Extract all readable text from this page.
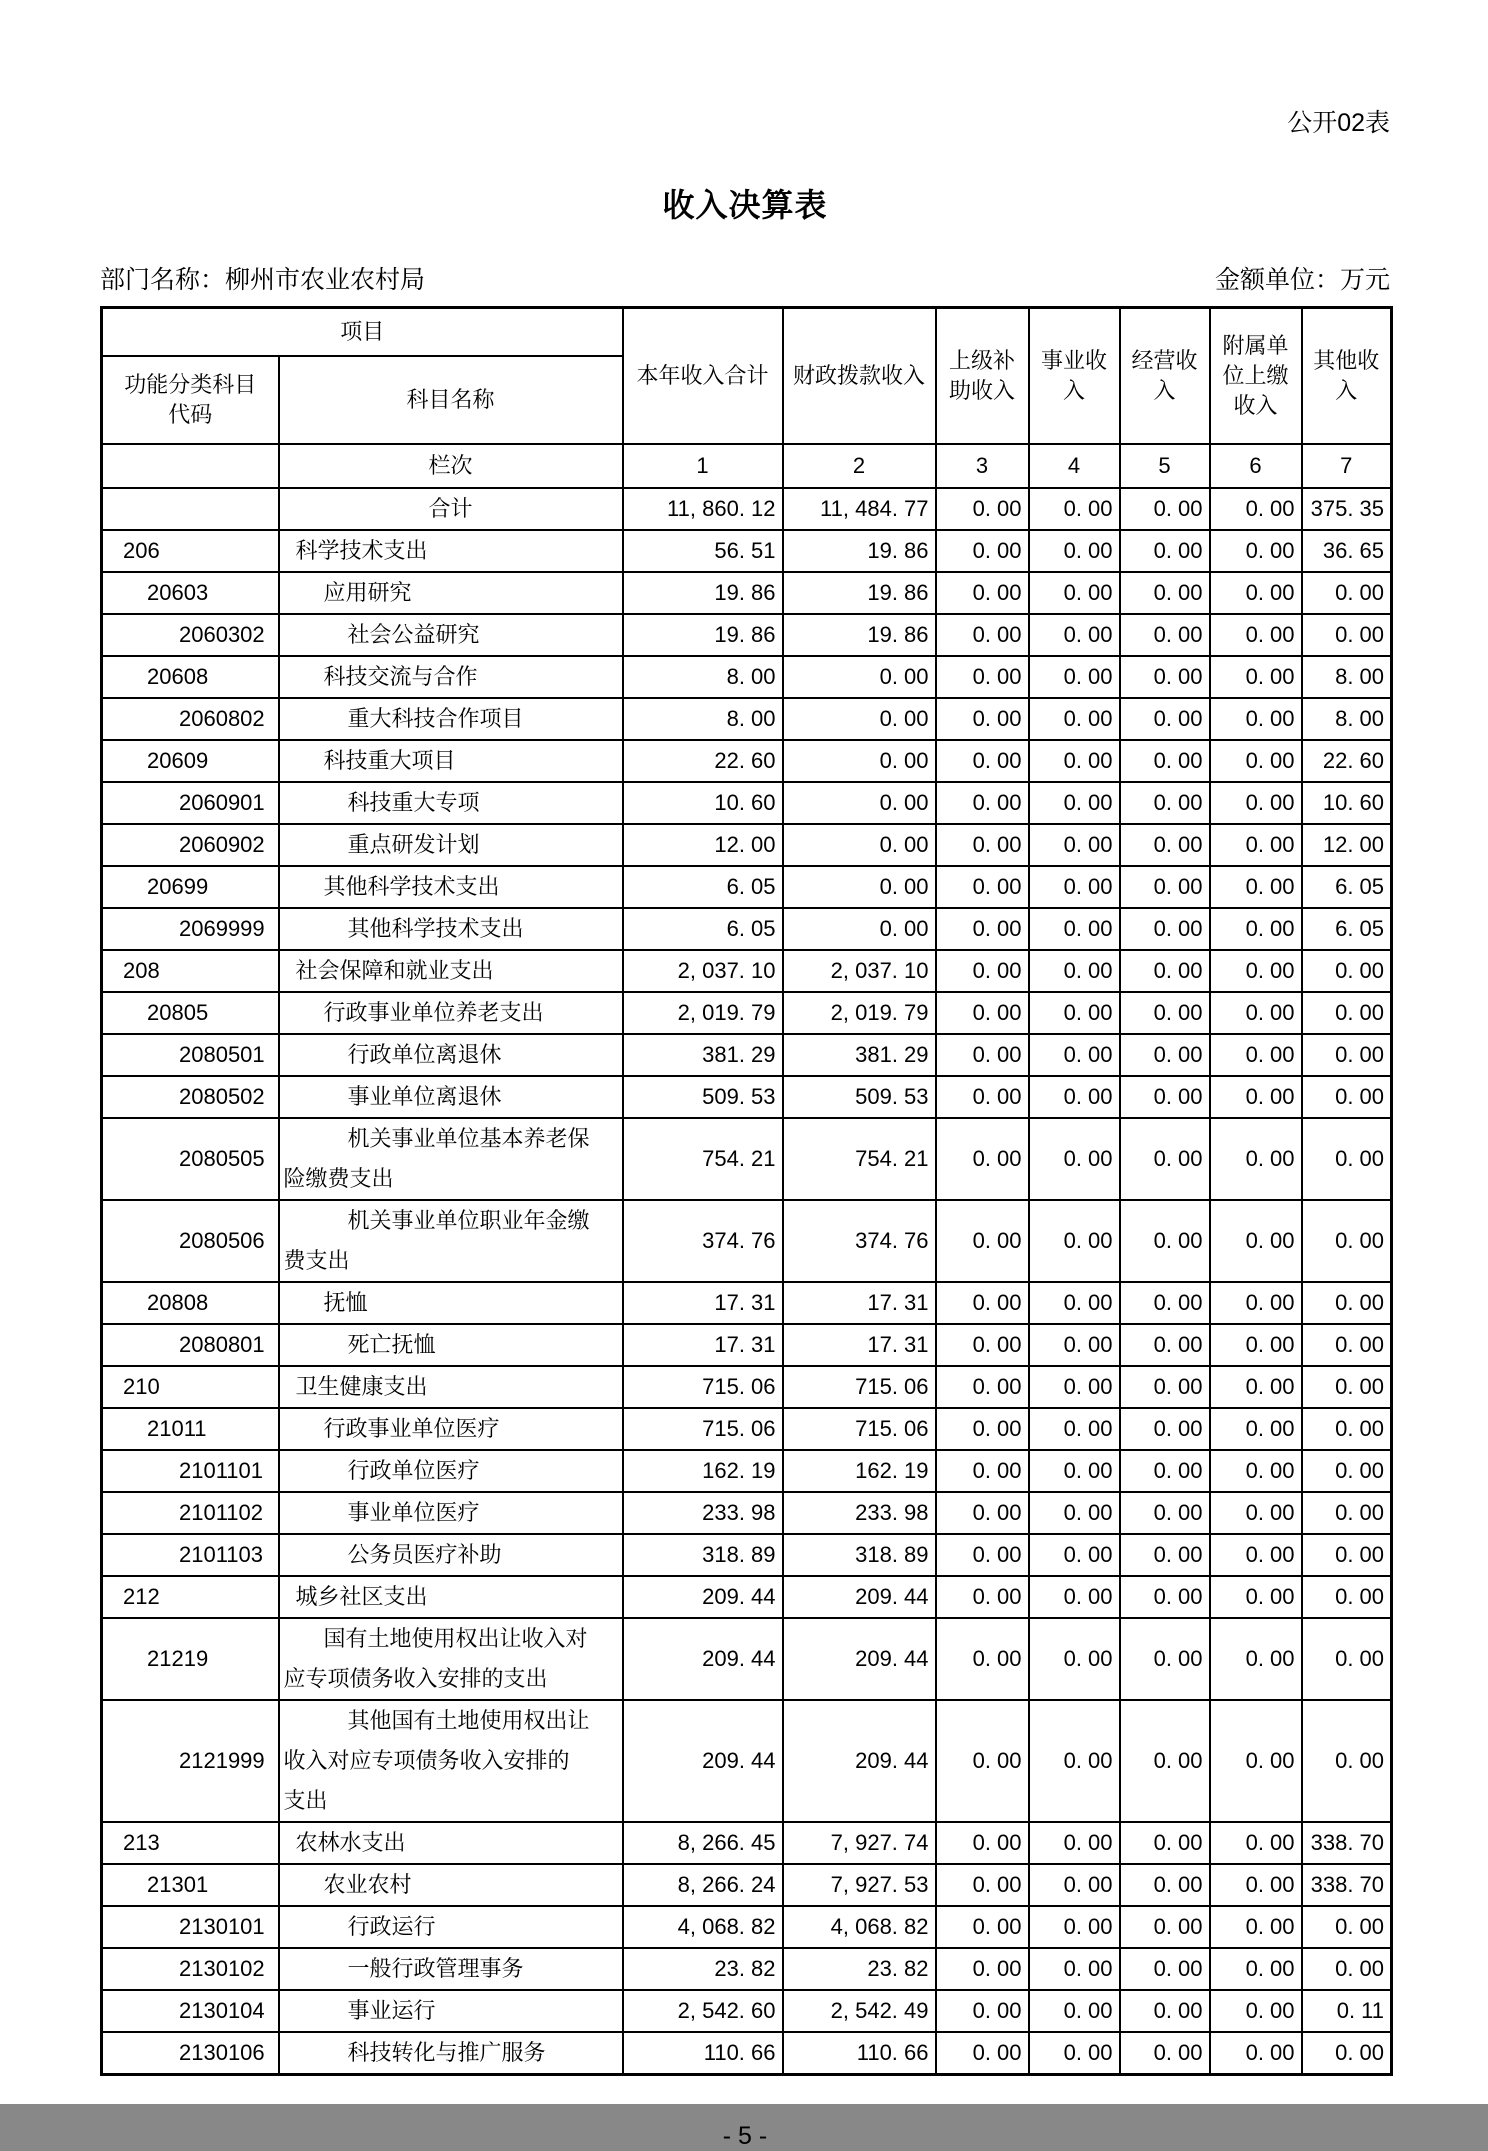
公开02表
收入决算表
部门名称：柳州市农业农村局	金额单位：万元
项目		本年收入合计	财政拨款收入	上级补助收入	事业收入	经营收入	附属单位上缴收入	其他收入
功能分类科目
代码	科目名称							
	栏次	1	2	3	4	5	6	7
	合计	11, 860. 12	11, 484. 77	0. 00	0. 00	0. 00	0. 00	375. 35
206	科学技术支出	56. 51	19. 86	0. 00	0. 00	0. 00	0. 00	36. 65
20603	应用研究	19. 86	19. 86	0. 00	0. 00	0. 00	0. 00	0. 00
2060302	社会公益研究	19. 86	19. 86	0. 00	0. 00	0. 00	0. 00	0. 00
20608	科技交流与合作	8. 00	0. 00	0. 00	0. 00	0. 00	0. 00	8. 00
2060802	重大科技合作项目	8. 00	0. 00	0. 00	0. 00	0. 00	0. 00	8. 00
20609	科技重大项目	22. 60	0. 00	0. 00	0. 00	0. 00	0. 00	22. 60
2060901	科技重大专项	10. 60	0. 00	0. 00	0. 00	0. 00	0. 00	10. 60
2060902	重点研发计划	12. 00	0. 00	0. 00	0. 00	0. 00	0. 00	12. 00
20699	其他科学技术支出	6. 05	0. 00	0. 00	0. 00	0. 00	0. 00	6. 05
2069999	其他科学技术支出	6. 05	0. 00	0. 00	0. 00	0. 00	0. 00	6. 05
208	社会保障和就业支出	2, 037. 10	2, 037. 10	0. 00	0. 00	0. 00	0. 00	0. 00
20805	行政事业单位养老支出	2, 019. 79	2, 019. 79	0. 00	0. 00	0. 00	0. 00	0. 00
2080501	行政单位离退休	381. 29	381. 29	0. 00	0. 00	0. 00	0. 00	0. 00
2080502	事业单位离退休	509. 53	509. 53	0. 00	0. 00	0. 00	0. 00	0. 00
2080505	机关事业单位基本养老保
险缴费支出	754. 21	754. 21	0. 00	0. 00	0. 00	0. 00	0. 00
2080506	机关事业单位职业年金缴
费支出	374. 76	374. 76	0. 00	0. 00	0. 00	0. 00	0. 00
20808	抚恤	17. 31	17. 31	0. 00	0. 00	0. 00	0. 00	0. 00
2080801	死亡抚恤	17. 31	17. 31	0. 00	0. 00	0. 00	0. 00	0. 00
210	卫生健康支出	715. 06	715. 06	0. 00	0. 00	0. 00	0. 00	0. 00
21011	行政事业单位医疗	715. 06	715. 06	0. 00	0. 00	0. 00	0. 00	0. 00
2101101	行政单位医疗	162. 19	162. 19	0. 00	0. 00	0. 00	0. 00	0. 00
2101102	事业单位医疗	233. 98	233. 98	0. 00	0. 00	0. 00	0. 00	0. 00
2101103	公务员医疗补助	318. 89	318. 89	0. 00	0. 00	0. 00	0. 00	0. 00
212	城乡社区支出	209. 44	209. 44	0. 00	0. 00	0. 00	0. 00	0. 00
21219	国有土地使用权出让收入对
应专项债务收入安排的支出	209. 44	209. 44	0. 00	0. 00	0. 00	0. 00	0. 00
2121999	其他国有土地使用权出让
收入对应专项债务收入安排的
支出	209. 44	209. 44	0. 00	0. 00	0. 00	0. 00	0. 00
213	农林水支出	8, 266. 45	7, 927. 74	0. 00	0. 00	0. 00	0. 00	338. 70
21301	农业农村	8, 266. 24	7, 927. 53	0. 00	0. 00	0. 00	0. 00	338. 70
2130101	行政运行	4, 068. 82	4, 068. 82	0. 00	0. 00	0. 00	0. 00	0. 00
2130102	一般行政管理事务	23. 82	23. 82	0. 00	0. 00	0. 00	0. 00	0. 00
2130104	事业运行	2, 542. 60	2, 542. 49	0. 00	0. 00	0. 00	0. 00	0. 11
2130106	科技转化与推广服务	110. 66	110. 66	0. 00	0. 00	0. 00	0. 00	0. 00
- 5 -
